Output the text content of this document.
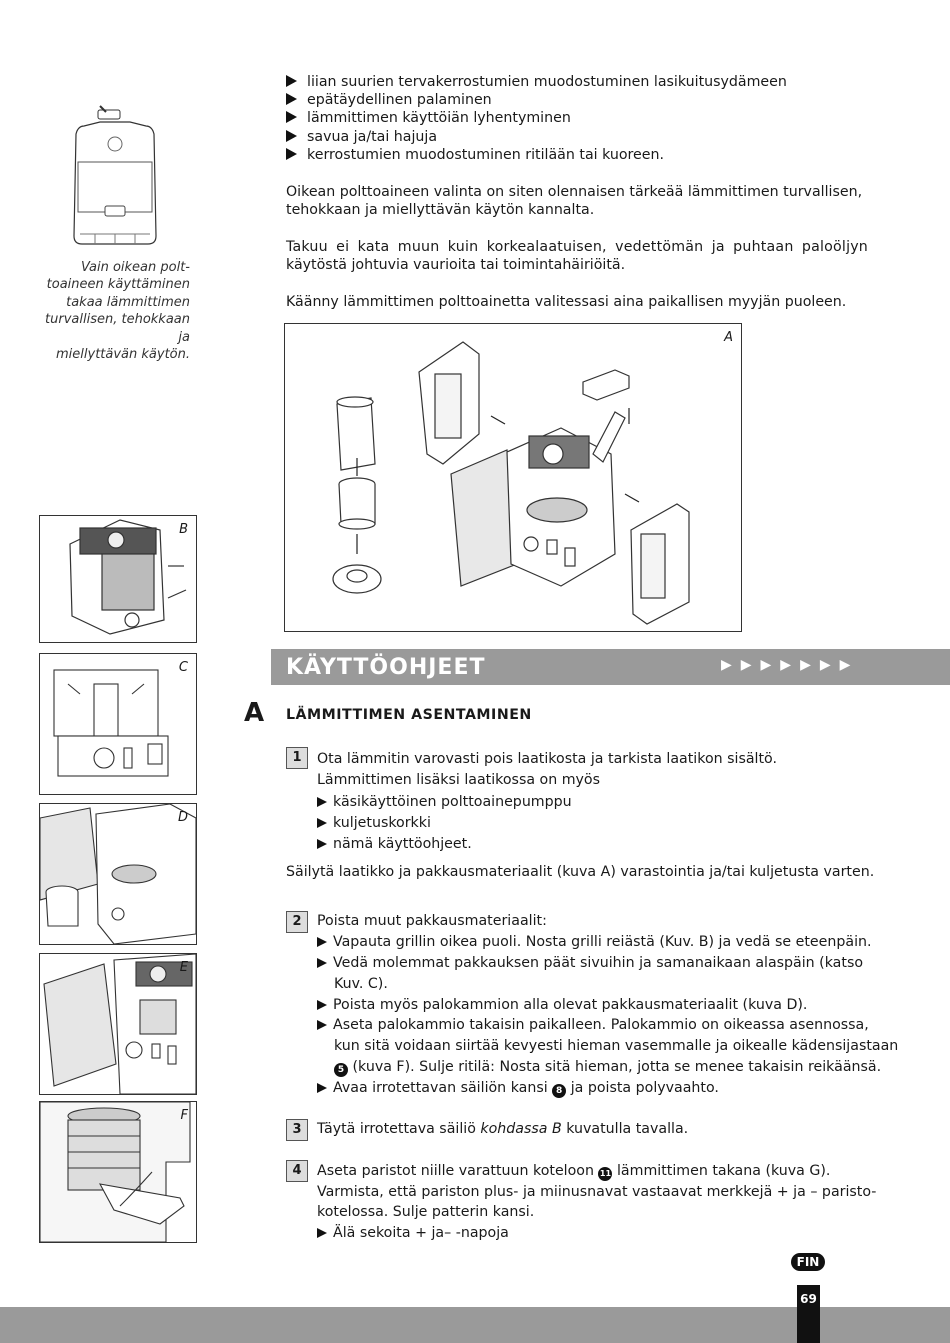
liian suurien tervakerrostumien muodostuminen lasikuitusydämeen
epätäydellinen palaminen
lämmittimen käyttöiän lyhentyminen
savua ja/tai hajuja
kerrostumien muodostuminen ritilään tai kuoreen.
Oikean polttoaineen valinta on siten olennaisen tärkeää lämmittimen turvallisen,
tehokkaan ja miellyttävän käytön kannalta.
Takuu ei kata muun kuin korkealaatuisen, vedettömän ja puhtaan paloöljyn
käytöstä johtuvia vaurioita tai toimintahäiriöitä.
Käänny lämmittimen polttoainetta valitessasi aina paikallisen myyjän puoleen.
Vain oikean polt-
toaineen käyttäminen
takaa lämmittimen
turvallisen, tehokkaan ja
miellyttävän käytön.
A
B
C
D
E
F
KÄYTTÖOHJEET	▶▶▶▶▶▶▶
A LÄMMITTIMEN ASENTAMINEN
1	Ota lämmitin varovasti pois laatikosta ja tarkista laatikon sisältö.
Lämmittimen lisäksi laatikossa on myös
käsikäyttöinen polttoainepumppu
kuljetuskorkki
nämä käyttöohjeet.
Säilytä laatikko ja pakkausmateriaalit (kuva A) varastointia ja/tai kuljetusta varten.
2	Poista muut pakkausmateriaalit:
Vapauta grillin oikea puoli. Nosta grilli reiästä (Kuv. B) ja vedä se eteenpäin.
Vedä molemmat pakkauksen päät sivuihin ja samanaikaan alaspäin (katso
Kuv. C).
Poista myös palokammion alla olevat pakkausmateriaalit (kuva D).
Aseta palokammio takaisin paikalleen. Palokammio on oikeassa asennossa,
kun sitä voidaan siirtää kevyesti hieman vasemmalle ja oikealle kädensijastaan
5 (kuva F). Sulje ritilä: Nosta sitä hieman, jotta se menee takaisin reikäänsä.
Avaa irrotettavan säiliön kansi 8 ja poista polyvaahto.
3	Täytä irrotettava säiliö kohdassa B kuvatulla tavalla.
4	Aseta paristot niille varattuun koteloon 11 lämmittimen takana (kuva G).
Varmista, että pariston plus- ja miinusnavat vastaavat merkkejä + ja – paristo-
kotelossa. Sulje patterin kansi.
Älä sekoita + ja– -napoja
FIN
69
